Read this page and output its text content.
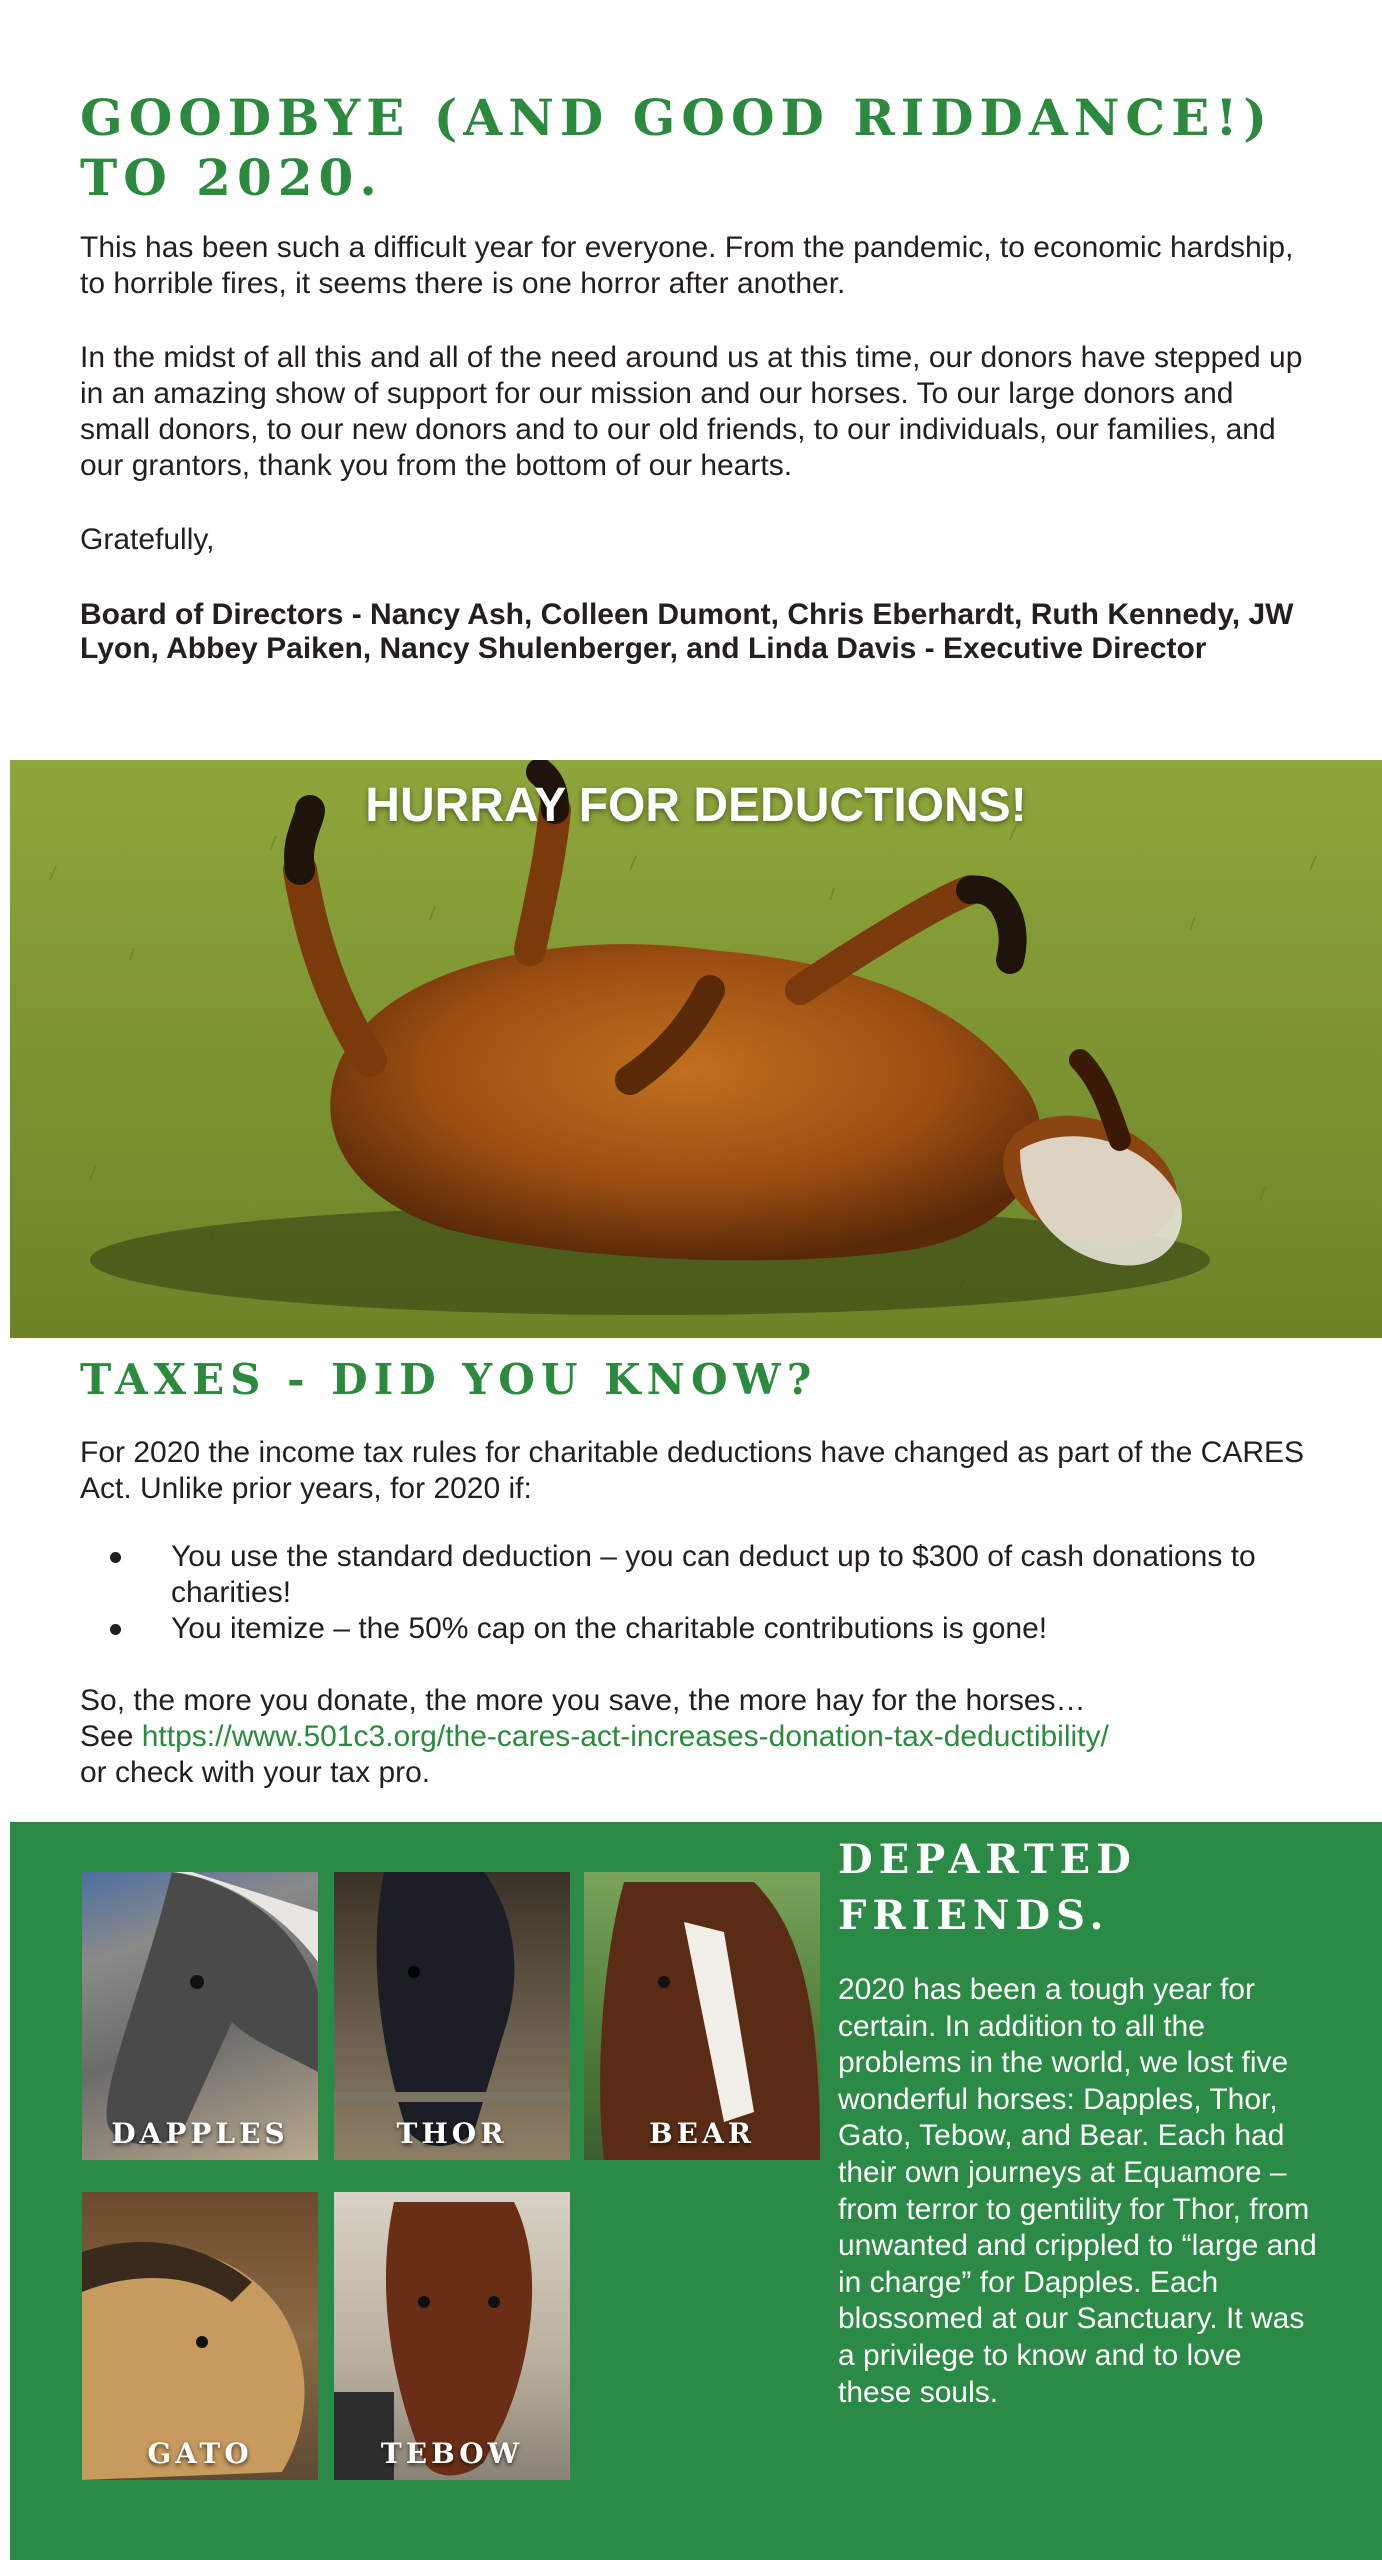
GOODBYE (AND GOOD RIDDANCE!)
TO 2020.

This has been such a difficult year for everyone. From the pandemic, to economic hardship, to horrible fires, it seems there is one horror after another.

In the midst of all this and all of the need around us at this time, our donors have stepped up in an amazing show of support for our mission and our horses. To our large donors and small donors, to our new donors and to our old friends, to our individuals, our families, and our grantors, thank you from the bottom of our hearts.

Gratefully,

Board of Directors - Nancy Ash, Colleen Dumont, Chris Eberhardt, Ruth Kennedy, JW Lyon, Abbey Paiken, Nancy Shulenberger, and Linda Davis - Executive Director

HURRAY FOR DEDUCTIONS!
TAXES - DID YOU KNOW?

For 2020 the income tax rules for charitable deductions have changed as part of the CARES Act. Unlike prior years, for 2020 if:

You use the standard deduction – you can deduct up to $300 of cash donations to charities!
You itemize – the 50% cap on the charitable contributions is gone!

So, the more you donate, the more you save, the more hay for the horses…
See https://www.501c3.org/the-cares-act-increases-donation-tax-deductibility/
or check with your tax pro.

DAPPLES	THOR	BEAR
GATO	TEBOW
DEPARTED
FRIENDS.

2020 has been a tough year for certain. In addition to all the problems in the world, we lost five wonderful horses: Dapples, Thor, Gato, Tebow, and Bear. Each had their own journeys at Equamore – from terror to gentility for Thor, from unwanted and crippled to “large and in charge” for Dapples. Each blossomed at our Sanctuary. It was a privilege to know and to love these souls.
